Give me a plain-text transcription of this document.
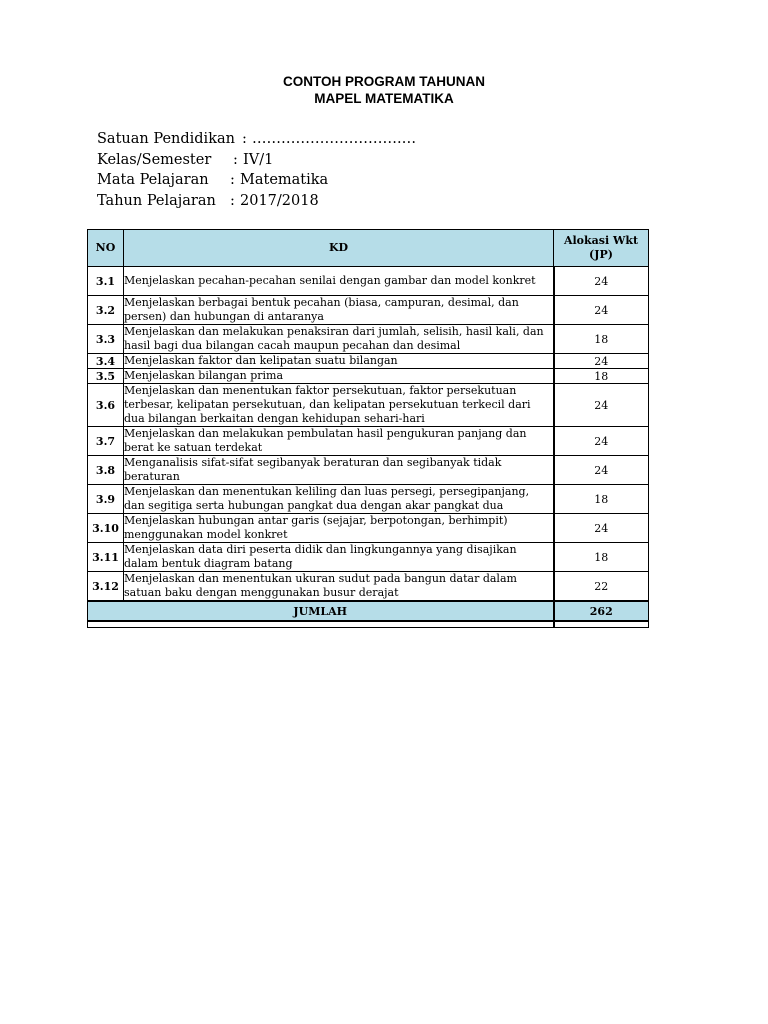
CONTOH PROGRAM TAHUNAN
MAPEL MATEMATIKA
Satuan Pendidikan : ………………………….…
Kelas/Semester : IV/1
Mata Pelajaran : Matematika
Tahun Pelajaran : 2017/2018
NO	KD	Alokasi Wkt
(JP)
3.1	Menjelaskan pecahan-pecahan senilai dengan gambar dan model konkret	24
3.2	Menjelaskan berbagai bentuk pecahan (biasa, campuran, desimal, dan persen) dan hubungan di antaranya	24
3.3	Menjelaskan dan melakukan penaksiran dari jumlah, selisih, hasil kali, dan hasil bagi dua bilangan cacah maupun pecahan dan desimal	18
3.4	Menjelaskan faktor dan kelipatan suatu bilangan	24
3.5	Menjelaskan bilangan prima	18
3.6	Menjelaskan dan menentukan faktor persekutuan, faktor persekutuan terbesar, kelipatan persekutuan, dan kelipatan persekutuan terkecil dari dua bilangan berkaitan dengan kehidupan sehari-hari	24
3.7	Menjelaskan dan melakukan pembulatan hasil pengukuran panjang dan berat ke satuan terdekat	24
3.8	Menganalisis sifat-sifat segibanyak beraturan dan segibanyak tidak beraturan	24
3.9	Menjelaskan dan menentukan keliling dan luas persegi, persegipanjang, dan segitiga serta hubungan pangkat dua dengan akar pangkat dua	18
3.10	Menjelaskan hubungan antar garis (sejajar, berpotongan, berhimpit) menggunakan model konkret	24
3.11	Menjelaskan data diri peserta didik dan lingkungannya yang disajikan dalam bentuk diagram batang	18
3.12	Menjelaskan dan menentukan ukuran sudut pada bangun datar dalam satuan baku dengan menggunakan busur derajat	22
JUMLAH		262
